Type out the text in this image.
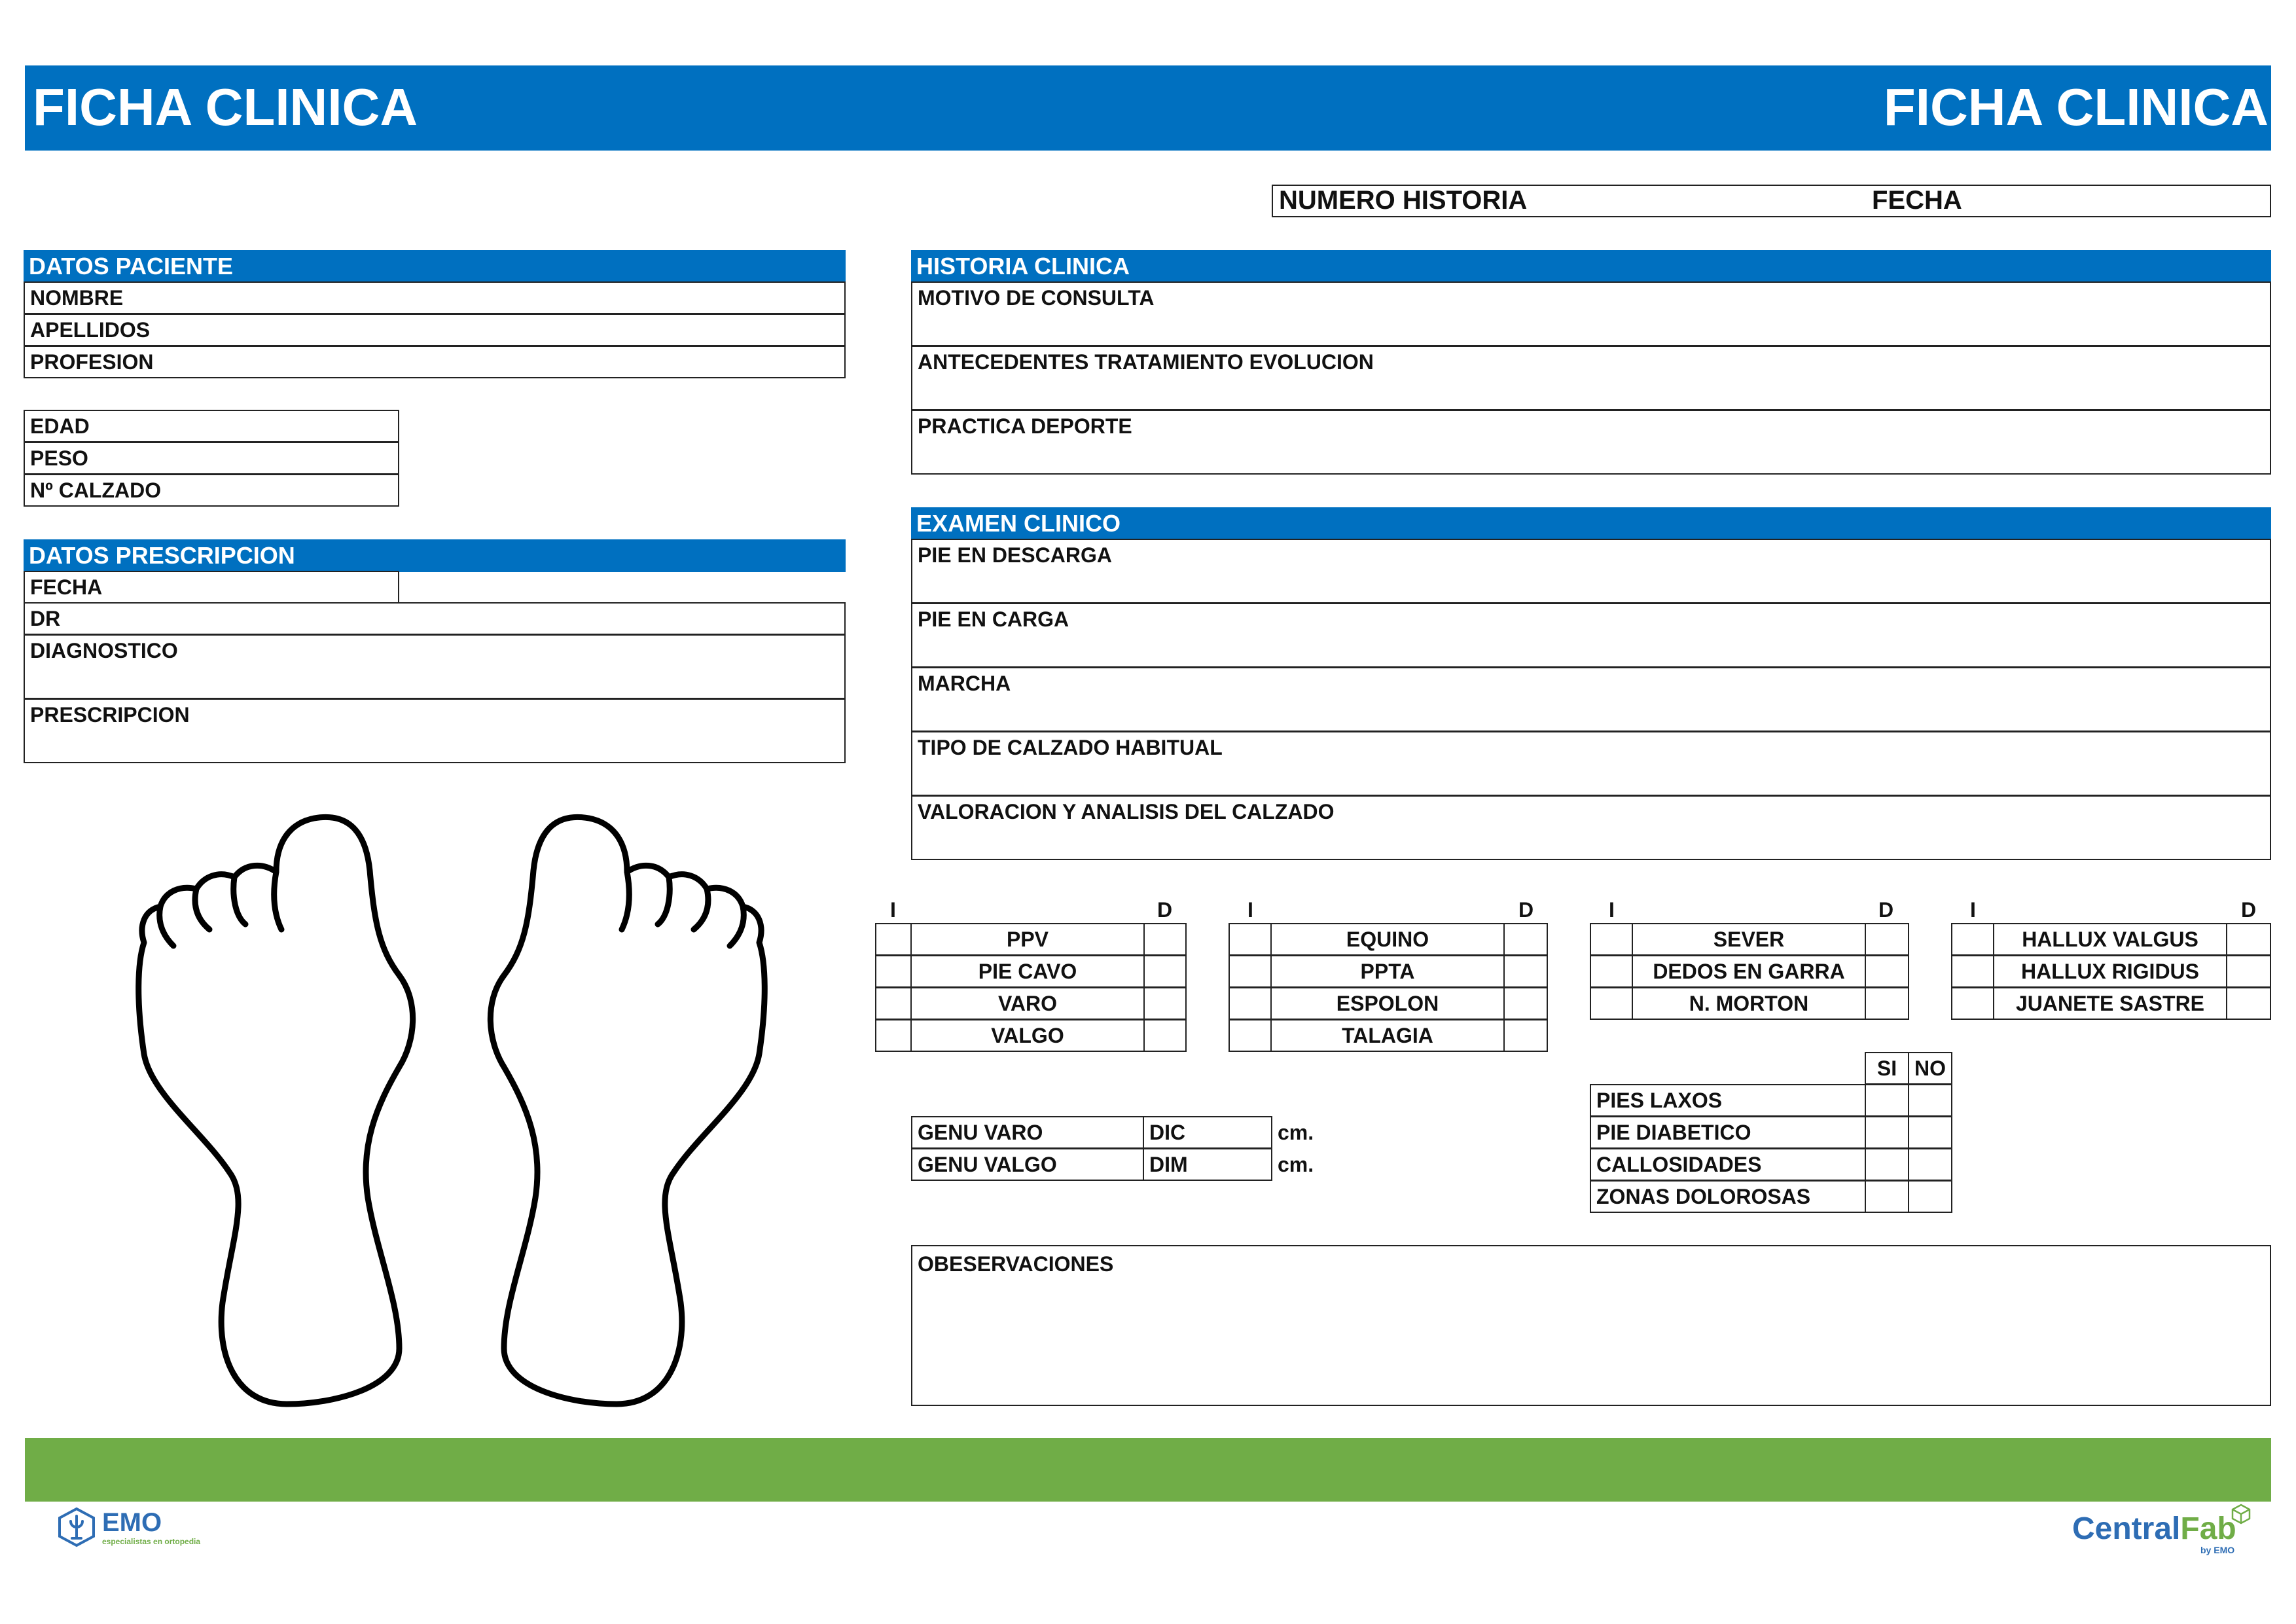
FICHA CLINICA	FICHA CLINICA
NUMERO HISTORIA	FECHA
DATOS PACIENTE
NOMBRE
APELLIDOS
PROFESION
EDAD
PESO
Nº CALZADO
DATOS PRESCRIPCION
FECHA
DR
DIAGNOSTICO
PRESCRIPCION
HISTORIA CLINICA
MOTIVO DE CONSULTA
ANTECEDENTES TRATAMIENTO EVOLUCION
PRACTICA DEPORTE
EXAMEN CLINICO
PIE EN DESCARGA
PIE EN CARGA
MARCHA
TIPO DE CALZADO HABITUAL
VALORACION Y ANALISIS DEL CALZADO
I	D
PPV
PIE CAVO
VARO
VALGO
I	D
EQUINO
PPTA
ESPOLON
TALAGIA
I	D
SEVER
DEDOS EN GARRA
N. MORTON
I	D
HALLUX VALGUS
HALLUX RIGIDUS
JUANETE SASTRE
GENU VARO	DIC	cm.
GENU VALGO	DIM	cm.
SI NO
PIES LAXOS
PIE DIABETICO
CALLOSIDADES
ZONAS DOLOROSAS
OBESERVACIONES
EMO
especialistas en ortopedia	CentralFab
by EMO
